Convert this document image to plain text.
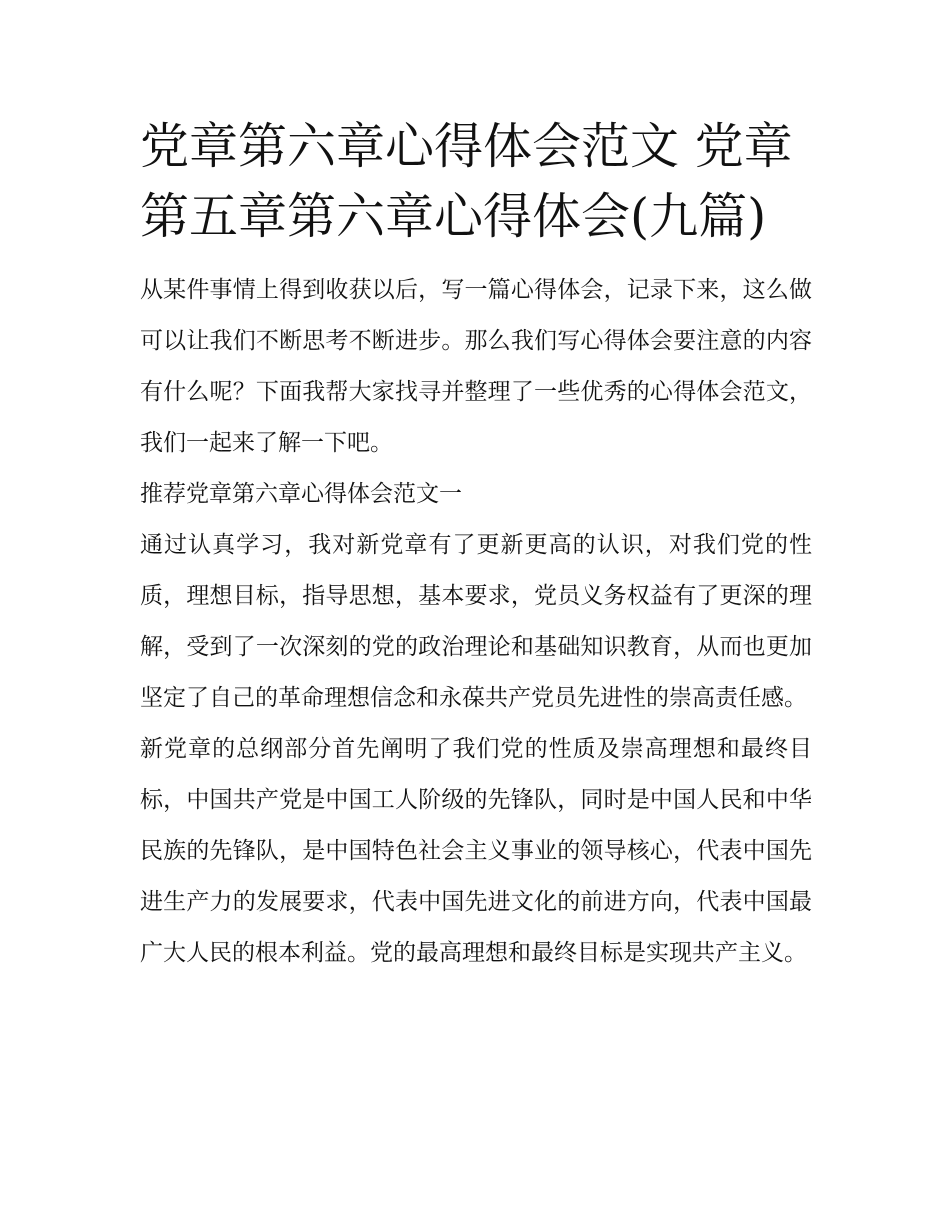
党章第六章心得体会范文 党章第五章第六章心得体会(九篇)

从某件事情上得到收获以后，写一篇心得体会，记录下来，这么做可以让我们不断思考不断进步。那么我们写心得体会要注意的内容有什么呢？下面我帮大家找寻并整理了一些优秀的心得体会范文，我们一起来了解一下吧。

推荐党章第六章心得体会范文一

通过认真学习，我对新党章有了更新更高的认识，对我们党的性质，理想目标，指导思想，基本要求，党员义务权益有了更深的理解，受到了一次深刻的党的政治理论和基础知识教育，从而也更加坚定了自己的革命理想信念和永葆共产党员先进性的崇高责任感。

新党章的总纲部分首先阐明了我们党的性质及崇高理想和最终目标，中国共产党是中国工人阶级的先锋队，同时是中国人民和中华民族的先锋队，是中国特色社会主义事业的领导核心，代表中国先进生产力的发展要求，代表中国先进文化的前进方向，代表中国最广大人民的根本利益。党的最高理想和最终目标是实现共产主义。
